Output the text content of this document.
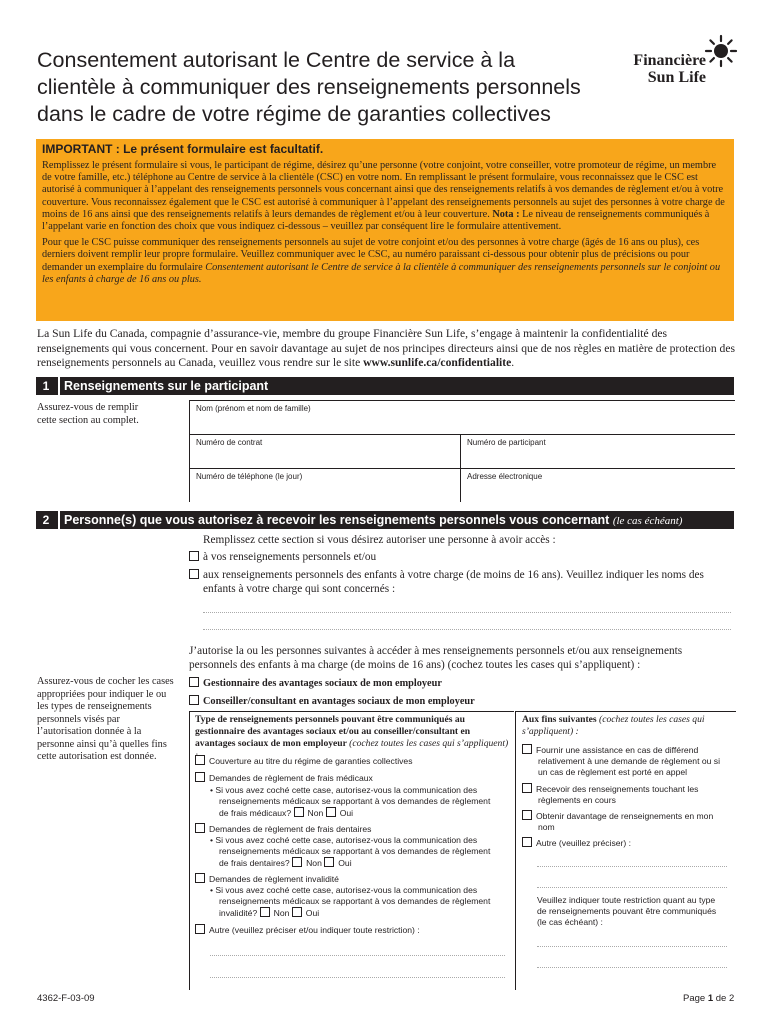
Consentement autorisant le Centre de service à la
clientèle à communiquer des renseignements personnels
dans le cadre de votre régime de garanties collectives
Financière
Sun Life
IMPORTANT : Le présent formulaire est facultatif.

Remplissez le présent formulaire si vous, le participant de régime, désirez qu’une personne (votre conjoint, votre conseiller, votre promoteur de régime, un membre de votre famille, etc.) téléphone au Centre de service à la clientèle (CSC) en votre nom. En remplissant le présent formulaire, vous reconnaissez que le CSC est autorisé à communiquer à l’appelant des renseignements personnels vous concernant ainsi que des renseignements relatifs à vos demandes de règlement et/ou à votre couverture. Vous reconnaissez également que le CSC est autorisé à communiquer à l’appelant des renseignements personnels au sujet des personnes à votre charge de moins de 16 ans ainsi que des renseignements relatifs à leurs demandes de règlement et/ou à leur couverture. Nota : Le niveau de renseignements communiqués à l’appelant varie en fonction des choix que vous indiquez ci-dessous – veuillez par conséquent lire le formulaire attentivement.

Pour que le CSC puisse communiquer des renseignements personnels au sujet de votre conjoint et/ou des personnes à votre charge (âgés de 16 ans ou plus), ces derniers doivent remplir leur propre formulaire. Veuillez communiquer avec le CSC, au numéro paraissant ci-dessous pour obtenir plus de précisions ou pour demander un exemplaire du formulaire Consentement autorisant le Centre de service à la clientèle à communiquer des renseignements personnels sur le conjoint ou les enfants à charge de 16 ans ou plus.

La Sun Life du Canada, compagnie d’assurance-vie, membre du groupe Financière Sun Life, s’engage à maintenir la confidentialité des renseignements qui vous concernent. Pour en savoir davantage au sujet de nos principes directeurs ainsi que de nos règles en matière de protection des renseignements personnels au Canada, veuillez vous rendre sur le site www.sunlife.ca/confidentialite.
1	Renseignements sur le participant
Assurez-vous de remplir cette section au complet.
Nom (prénom et nom de famille)
Numéro de contrat	Numéro de participant
Numéro de téléphone (le jour)	Adresse électronique
2	Personne(s) que vous autorisez à recevoir les renseignements personnels vous concernant (le cas échéant)
Remplissez cette section si vous désirez autoriser une personne à avoir accès :
à vos renseignements personnels et/ou
aux renseignements personnels des enfants à votre charge (de moins de 16 ans). Veuillez indiquer les noms des enfants à votre charge qui sont concernés :
J’autorise la ou les personnes suivantes à accéder à mes renseignements personnels et/ou aux renseignements personnels des enfants à ma charge (de moins de 16 ans) (cochez toutes les cases qui s’appliquent) :
Gestionnaire des avantages sociaux de mon employeur
Conseiller/consultant en avantages sociaux de mon employeur
Assurez-vous de cocher les cases appropriées pour indiquer le ou les types de renseignements personnels visés par l’autorisation donnée à la personne ainsi qu’à quelles fins cette autorisation est donnée.
Type de renseignements personnels pouvant être communiqués au gestionnaire des avantages sociaux et/ou au conseiller/consultant en avantages sociaux de mon employeur (cochez toutes les cases qui s’appliquent)
Couverture au titre du régime de garanties collectives
Demandes de règlement de frais médicaux
• Si vous avez coché cette case, autorisez-vous la communication des renseignements médicaux se rapportant à vos demandes de règlement de frais médicaux? Non Oui
Demandes de règlement de frais dentaires
• Si vous avez coché cette case, autorisez-vous la communication des renseignements médicaux se rapportant à vos demandes de règlement de frais dentaires? Non Oui
Demandes de règlement invalidité
• Si vous avez coché cette case, autorisez-vous la communication des renseignements médicaux se rapportant à vos demandes de règlement invalidité? Non Oui
Autre (veuillez préciser et/ou indiquer toute restriction) :
Aux fins suivantes (cochez toutes les cases qui s’appliquent) :
Fournir une assistance en cas de différend relativement à une demande de règlement ou si un cas de règlement est porté en appel
Recevoir des renseignements touchant les règlements en cours
Obtenir davantage de renseignements en mon nom
Autre (veuillez préciser) :
Veuillez indiquer toute restriction quant au type de renseignements pouvant être communiqués (le cas échéant) :
4362-F-03-09	Page 1 de 2
